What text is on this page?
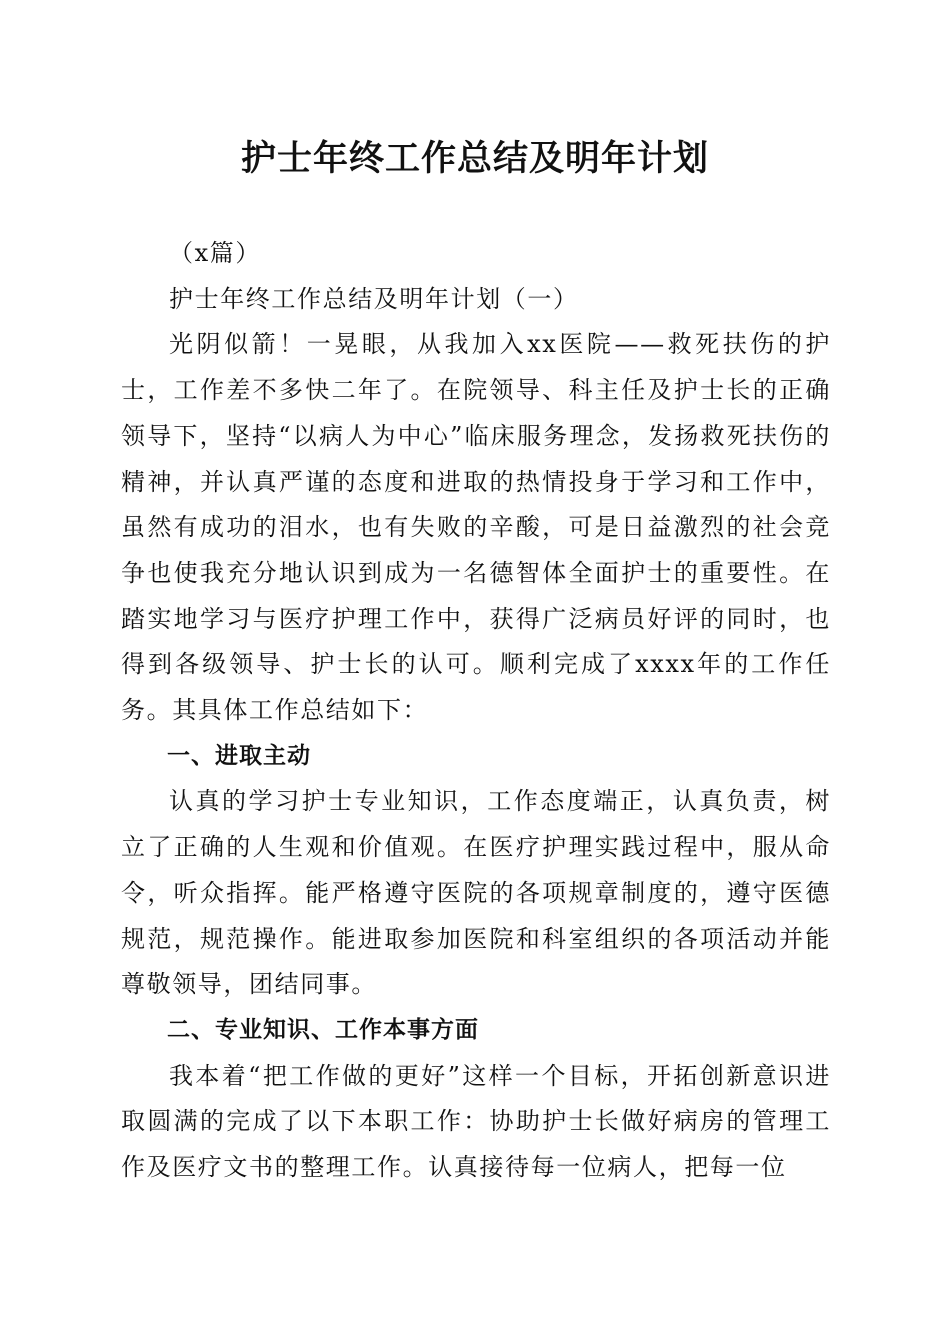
护士年终工作总结及明年计划

（x篇）

护士年终工作总结及明年计划（一）

光阴似箭！一晃眼，从我加入xx医院——救死扶伤的护士，工作差不多快二年了。在院领导、科主任及护士长的正确领导下，坚持“以病人为中心”临床服务理念，发扬救死扶伤的精神，并认真严谨的态度和进取的热情投身于学习和工作中，虽然有成功的泪水，也有失败的辛酸，可是日益激烈的社会竞争也使我充分地认识到成为一名德智体全面护士的重要性。在踏实地学习与医疗护理工作中，获得广泛病员好评的同时，也得到各级领导、护士长的认可。顺利完成了xxxx年的工作任务。其具体工作总结如下：

一、进取主动

认真的学习护士专业知识，工作态度端正，认真负责，树立了正确的人生观和价值观。在医疗护理实践过程中，服从命令，听众指挥。能严格遵守医院的各项规章制度的，遵守医德规范，规范操作。能进取参加医院和科室组织的各项活动并能尊敬领导，团结同事。

二、专业知识、工作本事方面

我本着“把工作做的更好”这样一个目标，开拓创新意识进取圆满的完成了以下本职工作：协助护士长做好病房的管理工作及医疗文书的整理工作。认真接待每一位病人，把每一位
